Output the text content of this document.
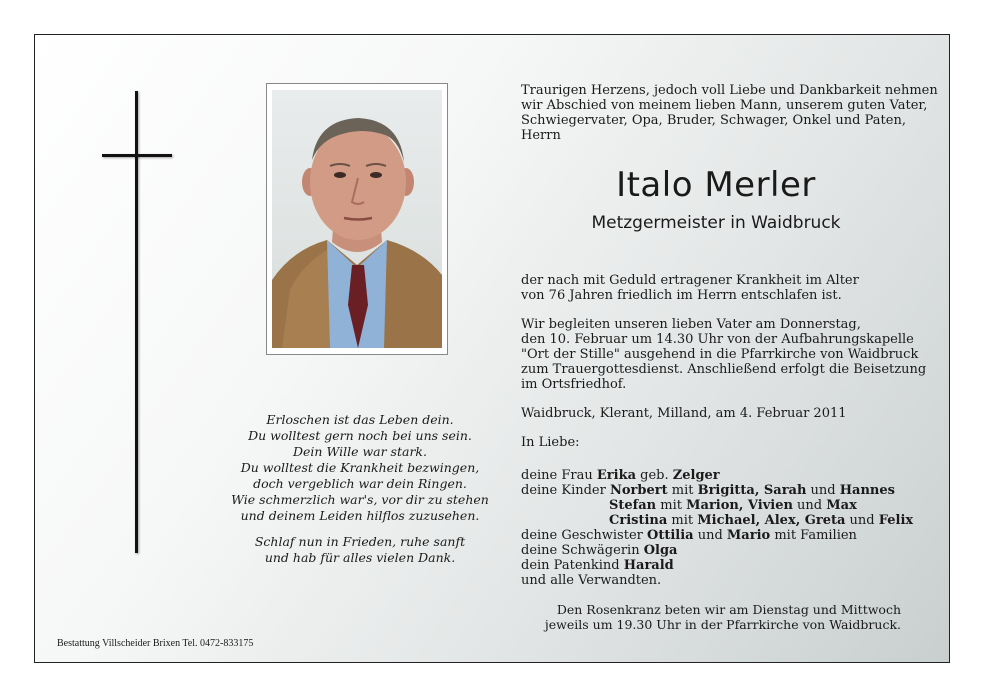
Erloschen ist das Leben dein.

Du wolltest gern noch bei uns sein.

Dein Wille war stark.

Du wolltest die Krankheit bezwingen,

doch vergeblich war dein Ringen.

Wie schmerzlich war's, vor dir zu stehen

und deinem Leiden hilflos zuzusehen.

Schlaf nun in Frieden, ruhe sanft

und hab für alles vielen Dank.

Bestattung Villscheider Brixen Tel. 0472-833175

Traurigen Herzens, jedoch voll Liebe und Dankbarkeit nehmen

wir Abschied von meinem lieben Mann, unserem guten Vater,

Schwiegervater, Opa, Bruder, Schwager, Onkel und Paten,

Herrn

Italo Merler
Metzgermeister in Waidbruck

der nach mit Geduld ertragener Krankheit im Alter

von 76 Jahren friedlich im Herrn entschlafen ist.

Wir begleiten unseren lieben Vater am Donnerstag,

den 10. Februar um 14.30 Uhr von der Aufbahrungskapelle

"Ort der Stille" ausgehend in die Pfarrkirche von Waidbruck

zum Trauergottesdienst. Anschließend erfolgt die Beisetzung

im Ortsfriedhof.

Waidbruck, Klerant, Milland, am 4. Februar 2011
In Liebe:

deine Frau Erika geb. Zelger

deine Kinder Norbert mit Brigitta, Sarah und Hannes

Stefan mit Marion, Vivien und Max

Cristina mit Michael, Alex, Greta und Felix

deine Geschwister Ottilia und Mario mit Familien

deine Schwägerin Olga

dein Patenkind Harald

und alle Verwandten.

Den Rosenkranz beten wir am Dienstag und Mittwoch

jeweils um 19.30 Uhr in der Pfarrkirche von Waidbruck.
